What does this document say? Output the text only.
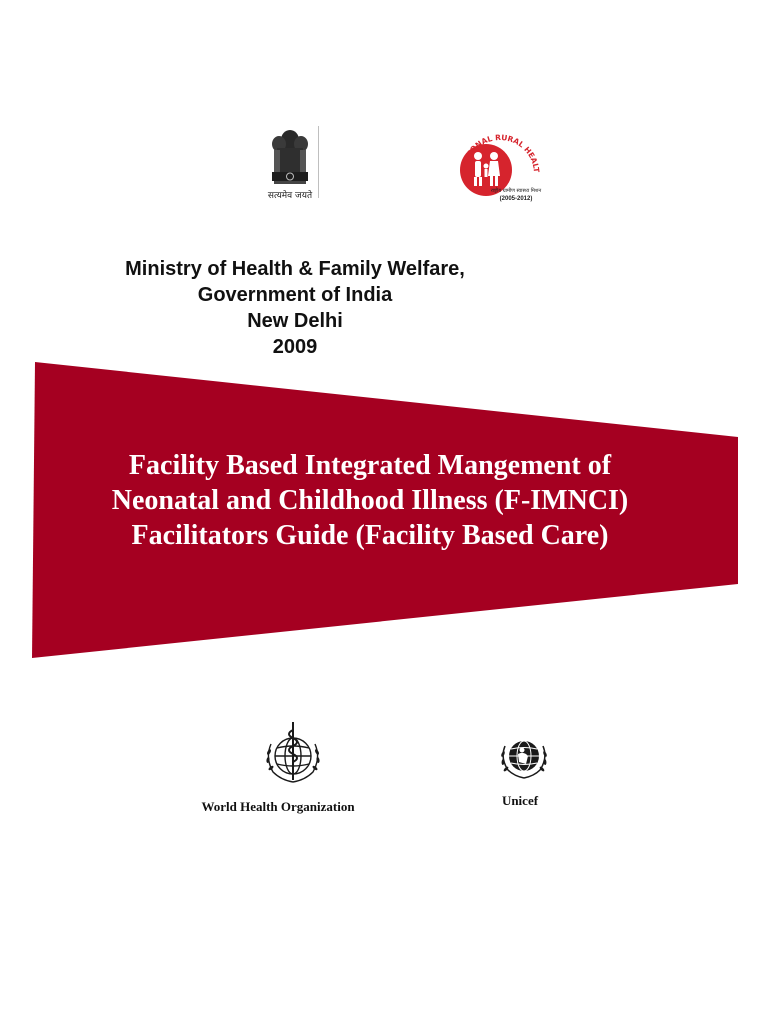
सत्यमेव जयते
NATIONAL RURAL HEALT
राष्ट्रीय ग्रामीण स्वास्थ्य मिशन
(2005-2012)
Ministry of Health & Family Welfare,
Government of India
New Delhi
2009
Facility Based Integrated Mangement of
Neonatal and Childhood Illness (F-IMNCI)
Facilitators Guide (Facility Based Care)
World Health Organization	Unicef
